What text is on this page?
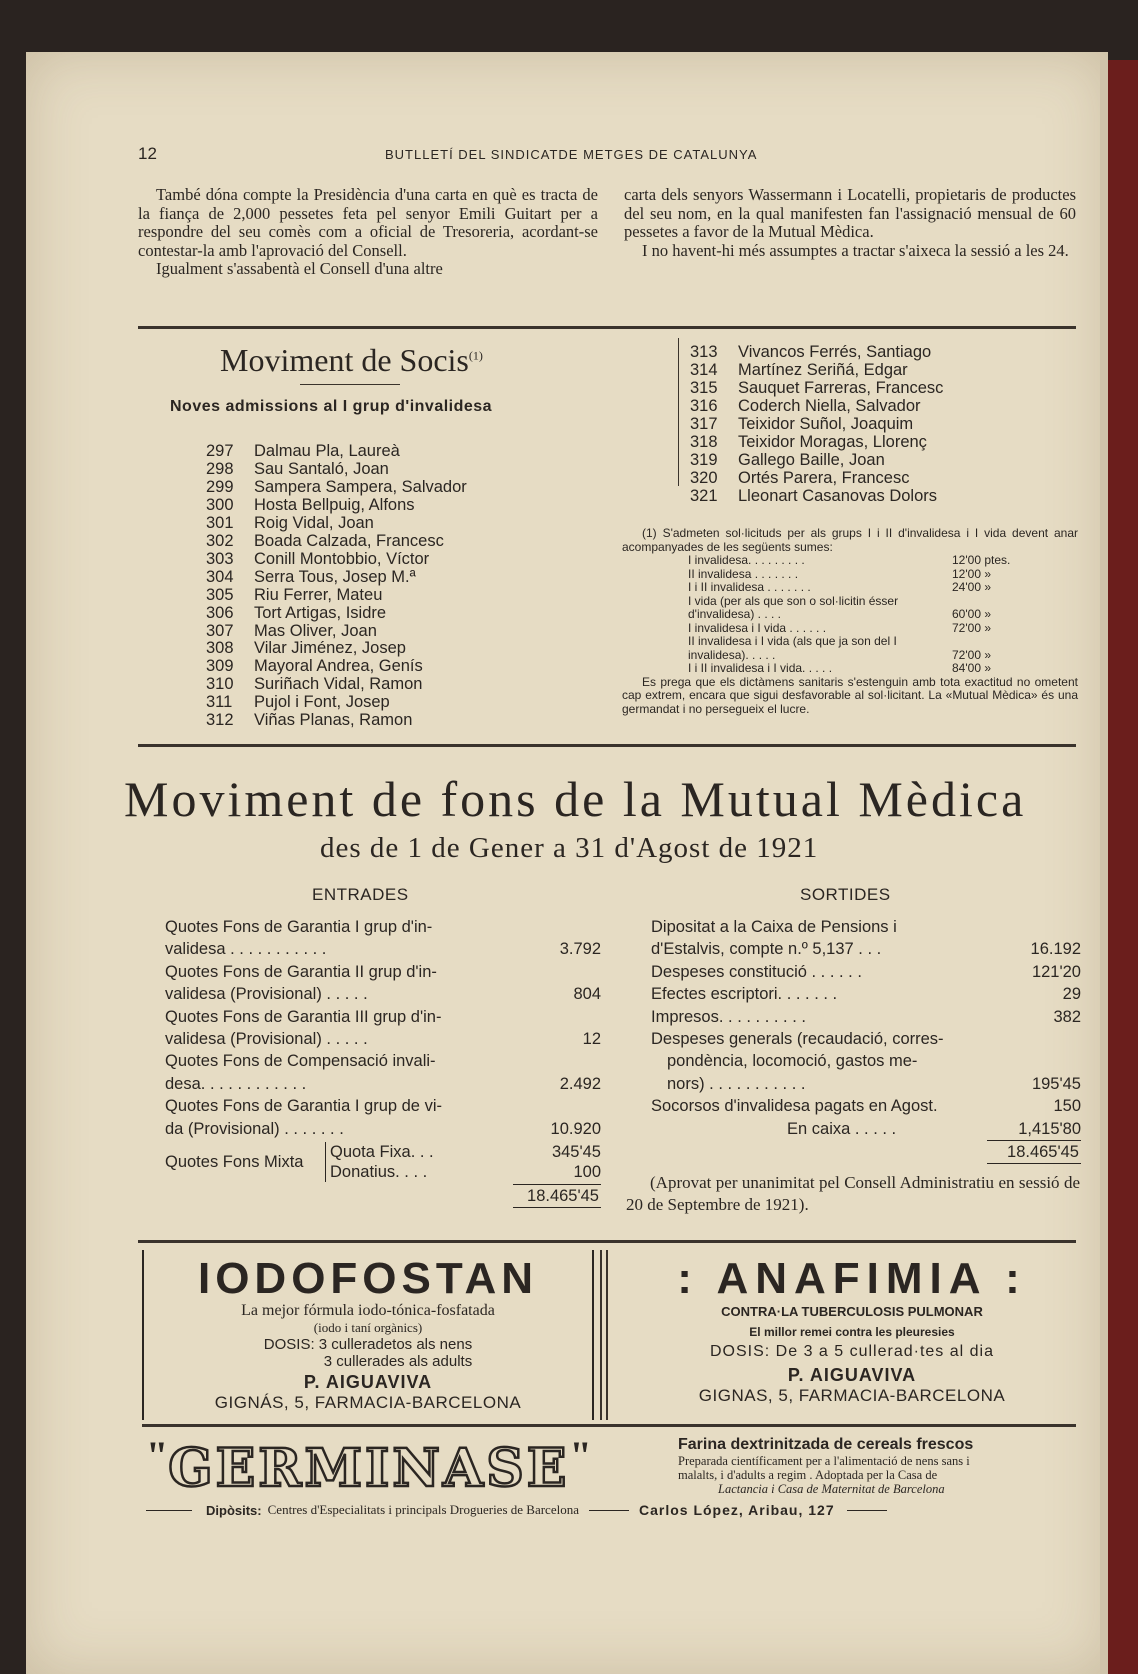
12	BUTLLETÍ DEL SINDICATDE METGES DE CATALUNYA

També dóna compte la Presidència d'una carta en què es tracta de la fiança de 2,000 pessetes feta pel senyor Emili Guitart per a respondre del seu comès com a oficial de Tresoreria, acordant-se contestar-la amb l'aprovació del Consell.

Igualment s'assabentà el Consell d'una altre

carta dels senyors Wassermann i Locatelli, propietaris de productes del seu nom, en la qual manifesten fan l'assignació mensual de 60 pessetes a favor de la Mutual Mèdica.

I no havent-hi més assumptes a tractar s'aixeca la sessió a les 24.

Moviment de Socis$^{(1)}$
Noves admissions al I grup d'invalidesa
297	Dalmau Pla, Laureà
298	Sau Santaló, Joan
299	Sampera Sampera, Salvador
300	Hosta Bellpuig, Alfons
301	Roig Vidal, Joan
302	Boada Calzada, Francesc
303	Conill Montobbio, Víctor
304	Serra Tous, Josep M.ª
305	Riu Ferrer, Mateu
306	Tort Artigas, Isidre
307	Mas Oliver, Joan
308	Vilar Jiménez, Josep
309	Mayoral Andrea, Genís
310	Suriñach Vidal, Ramon
311	Pujol i Font, Josep
312	Viñas Planas, Ramon
313	Vivancos Ferrés, Santiago
314	Martínez Seriñá, Edgar
315	Sauquet Farreras, Francesc
316	Coderch Niella, Salvador
317	Teixidor Suñol, Joaquim
318	Teixidor Moragas, Llorenç
319	Gallego Baille, Joan
320	Ortés Parera, Francesc
321	Lleonart Casanovas Dolors
(1) S'admeten sol·licituds per als grups I i II d'invalidesa i I vida devent anar acompanyades de les següents sumes:
I invalidesa. . . . . . . . .	12'00 ptes.
II invalidesa . . . . . . .	12'00 »
I i II invalidesa . . . . . . .	24'00 »
I vida (per als que son o sol·licitin ésser d'invalidesa) . . . .	60'00 »
I invalidesa i I vida . . . . . .	72'00 »
II invalidesa i I vida (als que ja son del I invalidesa). . . . .	72'00 »
I i II invalidesa i I vida. . . . .	84'00 »
Es prega que els dictàmens sanitaris s'estenguin amb tota exactitud no ometent cap extrem, encara que sigui desfavorable al sol·licitant. La «Mutual Mèdica» és una germandat i no persegueix el lucre.
Moviment de fons de la Mutual Mèdica
des de 1 de Gener a 31 d'Agost de 1921
ENTRADES	SORTIDES
Quotes Fons de Garantia I grup d'in-
validesa . . . . . . . . . . .	3.792
Quotes Fons de Garantia II grup d'in-
validesa (Provisional) . . . . .	804
Quotes Fons de Garantia III grup d'in-
validesa (Provisional) . . . . .	12
Quotes Fons de Compensació invali-
desa. . . . . . . . . . . .	2.492
Quotes Fons de Garantia I grup de vi-
da (Provisional) . . . . . . .	10.920
Quotes Fons Mixta
Quota Fixa. . .	345'45
Donatius. . . .	100
18.465'45
Dipositat a la Caixa de Pensions i
d'Estalvis, compte n.º 5,137 . . .	16.192
Despeses constitució . . . . . .	121'20
Efectes escriptori. . . . . . .	29
Impresos. . . . . . . . . .	382
Despeses generals (recaudació, corres-
pondència, locomoció, gastos me-
nors) . . . . . . . . . . .	195'45
Socorsos d'invalidesa pagats en Agost.	150
En caixa . . . . .	1,415'80
18.465'45
(Aprovat per unanimitat pel Consell Administratiu en sessió de 20 de Septembre de 1921).
IODOFOSTAN
La mejor fórmula iodo-tónica-fosfatada
(iodo i taní orgànics)
DOSIS: 3 culleradetos als nens
3 cullerades als adults
P. AIGUAVIVA
GIGNÁS, 5, FARMACIA-BARCELONA
: ANAFIMIA :
CONTRA·LA TUBERCULOSIS PULMONAR
El millor remei contra les pleuresies
DOSIS: De 3 a 5 cullerad·tes al dia
P. AIGUAVIVA
GIGNAS, 5, FARMACIA-BARCELONA
" GERMINASE "	Farina dextrinitzada de cereals frescos
Preparada científicament per a l'alimentació de nens sans i
malalts, i d'adults a regim . Adoptada per la Casa de
Lactancia i Casa de Maternitat de Barcelona
Dipòsits: Centres d'Especialitats i principals Drogueries de Barcelona	Carlos López, Aribau, 127
